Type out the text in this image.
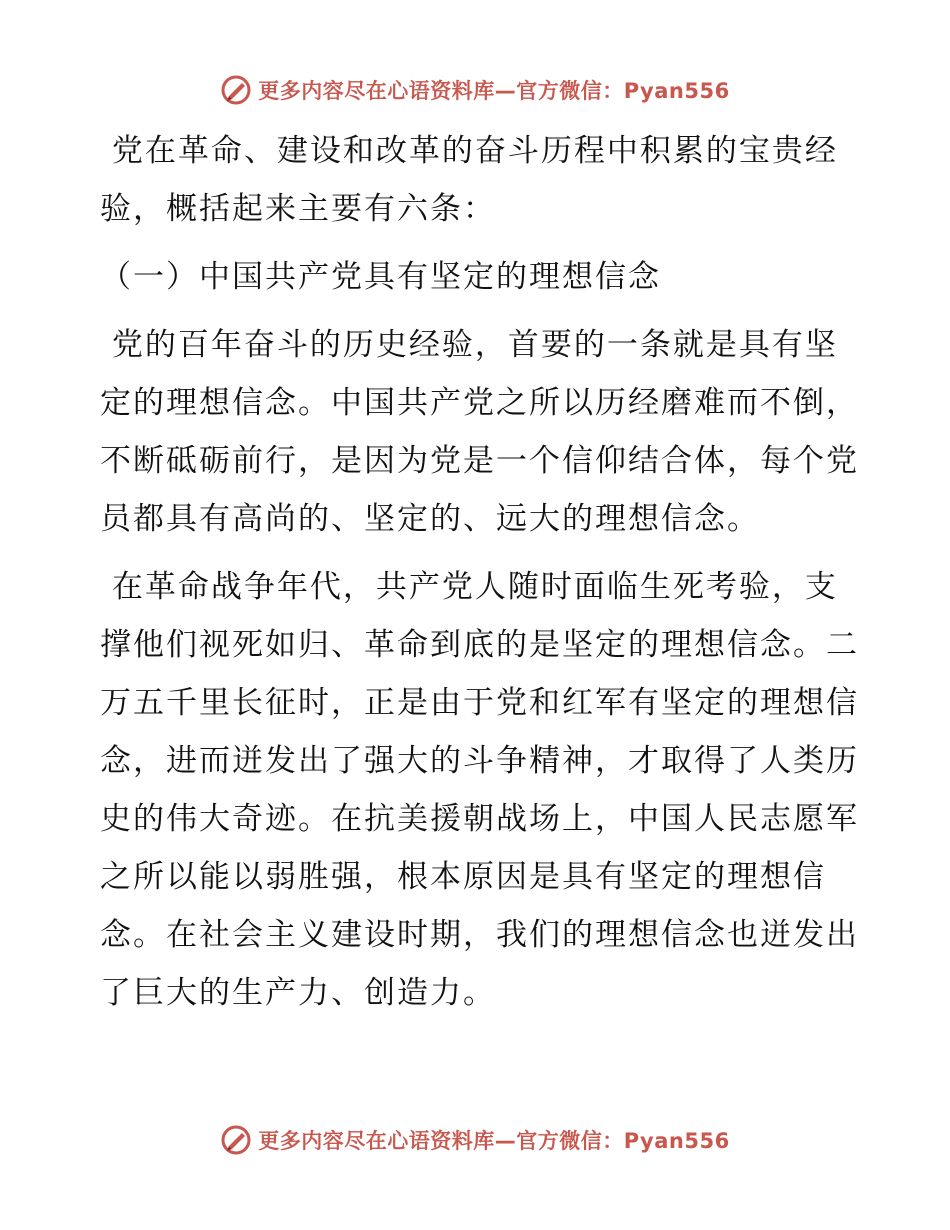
更多内容尽在心语资料库—官方微信：Pyan556

党在革命、建设和改革的奋斗历程中积累的宝贵经验，概括起来主要有六条：

（一）中国共产党具有坚定的理想信念

党的百年奋斗的历史经验，首要的一条就是具有坚定的理想信念。中国共产党之所以历经磨难而不倒，不断砥砺前行，是因为党是一个信仰结合体，每个党员都具有高尚的、坚定的、远大的理想信念。

在革命战争年代，共产党人随时面临生死考验，支撑他们视死如归、革命到底的是坚定的理想信念。二万五千里长征时，正是由于党和红军有坚定的理想信念，进而迸发出了强大的斗争精神，才取得了人类历史的伟大奇迹。在抗美援朝战场上，中国人民志愿军之所以能以弱胜强，根本原因是具有坚定的理想信念。在社会主义建设时期，我们的理想信念也迸发出了巨大的生产力、创造力。

更多内容尽在心语资料库—官方微信：Pyan556
